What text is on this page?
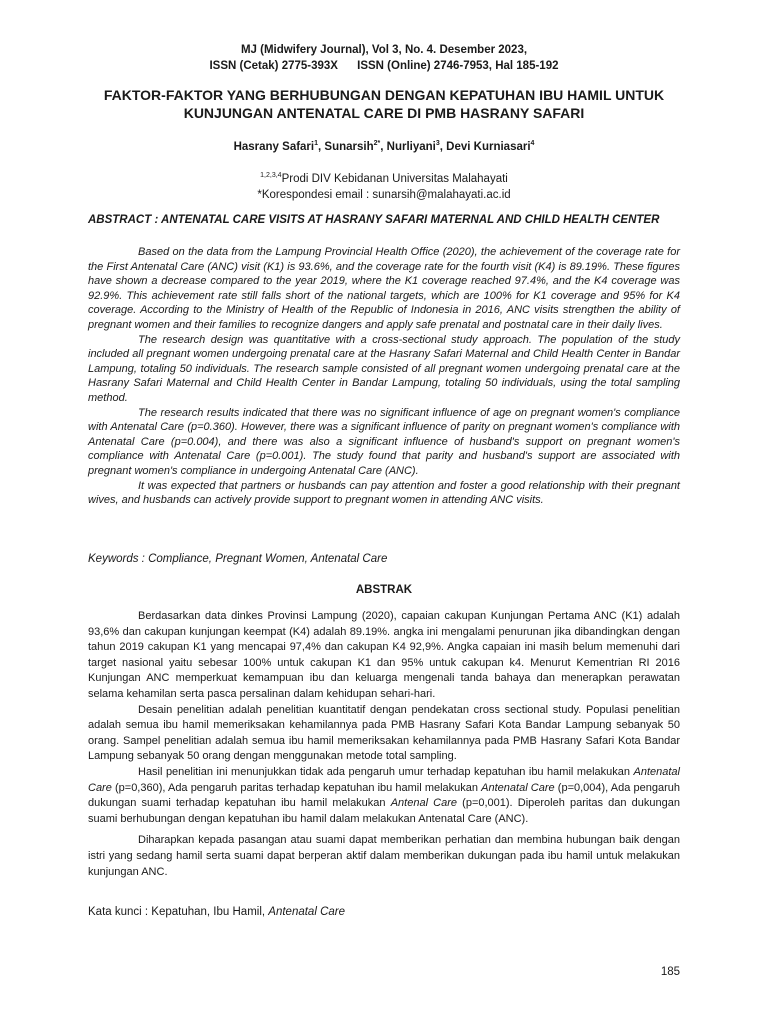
MJ (Midwifery Journal), Vol 3, No. 4. Desember 2023,
ISSN (Cetak) 2775-393X      ISSN (Online) 2746-7953, Hal 185-192
FAKTOR-FAKTOR YANG BERHUBUNGAN DENGAN KEPATUHAN IBU HAMIL UNTUK
KUNJUNGAN ANTENATAL CARE DI PMB HASRANY SAFARI
Hasrany Safari$^1$, Sunarsih$^{2*}$, Nurliyani$^3$, Devi Kurniasari$^4$
$^{1,2,3,4}$Prodi DIV Kebidanan Universitas Malahayati
*Korespondesi email : sunarsih@malahayati.ac.id
ABSTRACT : ANTENATAL CARE VISITS AT HASRANY SAFARI MATERNAL AND CHILD HEALTH CENTER

Based on the data from the Lampung Provincial Health Office (2020), the achievement of the coverage rate for the First Antenatal Care (ANC) visit (K1) is 93.6%, and the coverage rate for the fourth visit (K4) is 89.19%. These figures have shown a decrease compared to the year 2019, where the K1 coverage reached 97.4%, and the K4 coverage was 92.9%. This achievement rate still falls short of the national targets, which are 100% for K1 coverage and 95% for K4 coverage. According to the Ministry of Health of the Republic of Indonesia in 2016, ANC visits strengthen the ability of pregnant women and their families to recognize dangers and apply safe prenatal and postnatal care in their daily lives.

The research design was quantitative with a cross-sectional study approach. The population of the study included all pregnant women undergoing prenatal care at the Hasrany Safari Maternal and Child Health Center in Bandar Lampung, totaling 50 individuals. The research sample consisted of all pregnant women undergoing prenatal care at the Hasrany Safari Maternal and Child Health Center in Bandar Lampung, totaling 50 individuals, using the total sampling method.

The research results indicated that there was no significant influence of age on pregnant women's compliance with Antenatal Care (p=0.360). However, there was a significant influence of parity on pregnant women's compliance with Antenatal Care (p=0.004), and there was also a significant influence of husband's support on pregnant women's compliance with Antenatal Care (p=0.001). The study found that parity and husband's support are associated with pregnant women's compliance in undergoing Antenatal Care (ANC).

It was expected that partners or husbands can pay attention and foster a good relationship with their pregnant wives, and husbands can actively provide support to pregnant women in attending ANC visits.

Keywords : Compliance, Pregnant Women, Antenatal Care
ABSTRAK

Berdasarkan data dinkes Provinsi Lampung (2020), capaian cakupan Kunjungan Pertama ANC (K1) adalah 93,6% dan cakupan kunjungan keempat (K4) adalah 89.19%. angka ini mengalami penurunan jika dibandingkan dengan tahun 2019 cakupan K1 yang mencapai 97,4% dan cakupan K4 92,9%. Angka capaian ini masih belum memenuhi dari target nasional yaitu sebesar 100% untuk cakupan K1 dan 95% untuk cakupan k4. Menurut Kementrian RI 2016 Kunjungan ANC memperkuat kemampuan ibu dan keluarga mengenali tanda bahaya dan menerapkan perawatan selama kehamilan serta pasca persalinan dalam kehidupan sehari-hari.

Desain penelitian adalah penelitian kuantitatif dengan pendekatan cross sectional study. Populasi penelitian adalah semua ibu hamil memeriksakan kehamilannya pada PMB Hasrany Safari Kota Bandar Lampung sebanyak 50 orang. Sampel penelitian adalah semua ibu hamil memeriksakan kehamilannya pada PMB Hasrany Safari Kota Bandar Lampung sebanyak 50 orang dengan menggunakan metode total sampling.

Hasil penelitian ini menunjukkan tidak ada pengaruh umur terhadap kepatuhan ibu hamil melakukan Antenatal Care (p=0,360), Ada pengaruh paritas terhadap kepatuhan ibu hamil melakukan Antenatal Care (p=0,004), Ada pengaruh dukungan suami terhadap kepatuhan ibu hamil melakukan Antenal Care (p=0,001). Diperoleh paritas dan dukungan suami berhubungan dengan kepatuhan ibu hamil dalam melakukan Antenatal Care (ANC).

Diharapkan kepada pasangan atau suami dapat memberikan perhatian dan membina hubungan baik dengan istri yang sedang hamil serta suami dapat berperan aktif dalam memberikan dukungan pada ibu hamil untuk melakukan kunjungan ANC.

Kata kunci : Kepatuhan, Ibu Hamil, Antenatal Care
185
